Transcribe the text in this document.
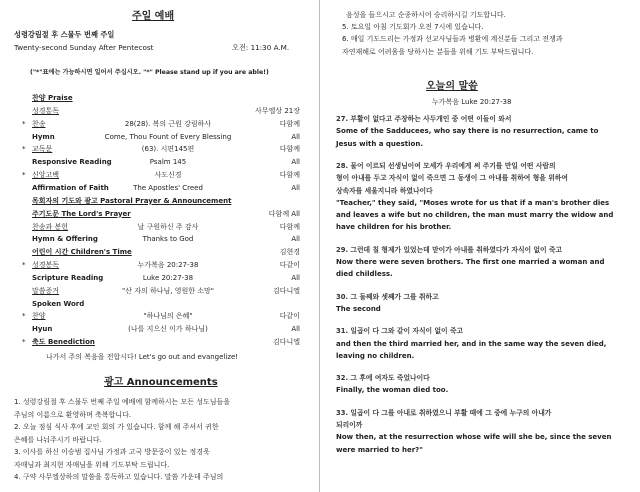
주일 예배
성령강림절 후 스물두 번째 주일
Twenty-second Sunday After Pentecost	오전: 11:30 A.M.
("*"표에는 가능하시면 일어서 주십시오. "*" Please stand up if you are able!)
찬양 Praise
성경통독	사무엘상 21장
* 찬송	28(28). 복의 근원 강림하사	다함께
Hymn	Come, Thou Fount of Every Blessing	All
* 교독문	(63). 시편145편	다함께
Responsive Reading	Psalm 145	All
* 신앙고백	사도신경	다함께
Affirmation of Faith	The Apostles' Creed	All
목회자의 기도와 광고 Pastoral Prayer & Announcement
주기도문 The Lord's Prayer	다함께 All
찬송과 봉헌	날 구원하신 주 감사	다함께
Hymn & Offering	Thanks to God	All
어린이 시간 Children's Time	김현경
* 성경봉독	누가복음 20:27-38	다같이
Scripture Reading	Luke 20:27-38	All
말씀증거	"산 자의 하나님, 영원한 소망"	김다니엘
Spoken Word
* 찬양	"하나님의 은혜"	다같이
Hyun	(나를 지으신 이가 하나님)	All
* 축도 Benediction	김다니엘
나가서 주의 복음을 전합시다! Let's go out and evangelize!
광고 Announcements
1. 성령강림절 후 스물두 번째 주일 예배에 함께하시는 모든 성도님들을
주님의 이름으로 환영하며 축복합니다.
2. 오늘 점심 식사 후에 교인 회의 가 있습니다. 함께 해 주셔서 귀한
은혜를 나눠주시기 바랍니다.
3. 이사를 하신 이승범 집사님 가정과 고국 방문중이 있는 정경욱
자매님과 최지현 자매님을 위해 기도부탁 드립니다.
4. 구약 사무엘상하의 말씀을 통독하고 있습니다. 말씀 가운데 주님의
음성을 들으시고 순종하시어 승리하시길 기도합니다.
5. 토요일 아침 기도회가 오전 7시에 있습니다.
6. 매일 기도드리는 가정과 선교사님들과 병환에 계신분들 그리고 전쟁과
자연재해로 어려움을 당하시는 분들을 위해 기도 부탁드립니다.
오늘의 말씀
누가복음 Luke 20:27-38
27. 부활이 없다고 주장하는 사두개인 중 어떤 이들이 와서
Some of the Sadducees, who say there is no resurrection, came to
Jesus with a question.
28. 물어 이르되 선생님이여 모세가 우리에게 써 주기를 만일 어떤 사람의
형이 아내를 두고 자식이 없이 죽으면 그 동생이 그 아내를 취하여 형을 위하여
상속자를 세울지니라 하였나이다
"Teacher," they said, "Moses wrote for us that if a man's brother dies
and leaves a wife but no children, the man must marry the widow and
have children for his brother.
29. 그런데 칠 형제가 있었는데 맏이가 아내를 취하였다가 자식이 없이 죽고
Now there were seven brothers. The first one married a woman and
died childless.
30. 그 둘째와 셋째가 그를 취하고
The second
31. 일곱이 다 그와 같이 자식이 없이 죽고
and then the third married her, and in the same way the seven died,
leaving no children.
32. 그 후에 여자도 죽었나이다
Finally, the woman died too.
33. 일곱이 다 그를 아내로 취하였으니 부활 때에 그 중에 누구의 아내가
되리이까
Now then, at the resurrection whose wife will she be, since the seven
were married to her?"
